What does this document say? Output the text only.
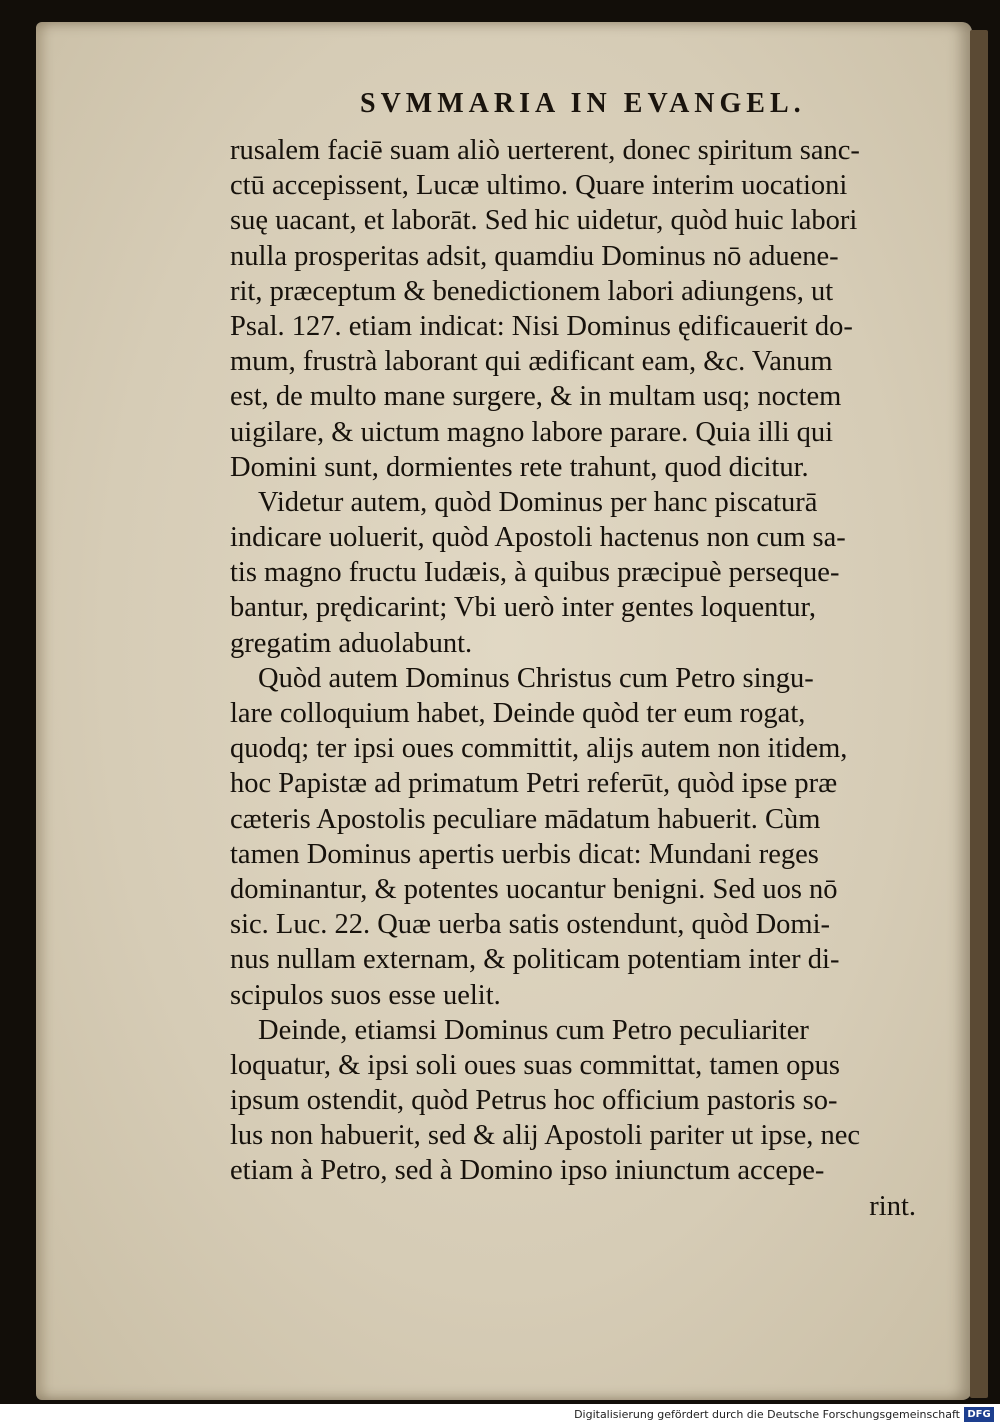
SVMMARIA IN EVANGEL.
rusalem faciē suam aliò uerterent, donec spiritum sanc-
ctū accepissent, Lucæ ultimo. Quare interim uocationi
suę uacant, et laborāt. Sed hic uidetur, quòd huic labori
nulla prosperitas adsit, quamdiu Dominus nō aduene-
rit, præceptum & benedictionem labori adiungens, ut
Psal. 127. etiam indicat: Nisi Dominus ędificauerit do-
mum, frustrà laborant qui ædificant eam, &c. Vanum
est, de multo mane surgere, & in multam usq; noctem
uigilare, & uictum magno labore parare. Quia illi qui
Domini sunt, dormientes rete trahunt, quod dicitur.
Videtur autem, quòd Dominus per hanc piscaturā
indicare uoluerit, quòd Apostoli hactenus non cum sa-
tis magno fructu Iudæis, à quibus præcipuè perseque-
bantur, prędicarint; Vbi uerò inter gentes loquentur,
gregatim aduolabunt.
Quòd autem Dominus Christus cum Petro singu-
lare colloquium habet, Deinde quòd ter eum rogat,
quodq; ter ipsi oues committit, alijs autem non itidem,
hoc Papistæ ad primatum Petri referūt, quòd ipse præ
cæteris Apostolis peculiare mādatum habuerit. Cùm
tamen Dominus apertis uerbis dicat: Mundani reges
dominantur, & potentes uocantur benigni. Sed uos nō
sic. Luc. 22. Quæ uerba satis ostendunt, quòd Domi-
nus nullam externam, & politicam potentiam inter di-
scipulos suos esse uelit.
Deinde, etiamsi Dominus cum Petro peculiariter
loquatur, & ipsi soli oues suas committat, tamen opus
ipsum ostendit, quòd Petrus hoc officium pastoris so-
lus non habuerit, sed & alij Apostoli pariter ut ipse, nec
etiam à Petro, sed à Domino ipso iniunctum accepe-
rint.
Digitalisierung gefördert durch die Deutsche Forschungsgemeinschaft DFG
